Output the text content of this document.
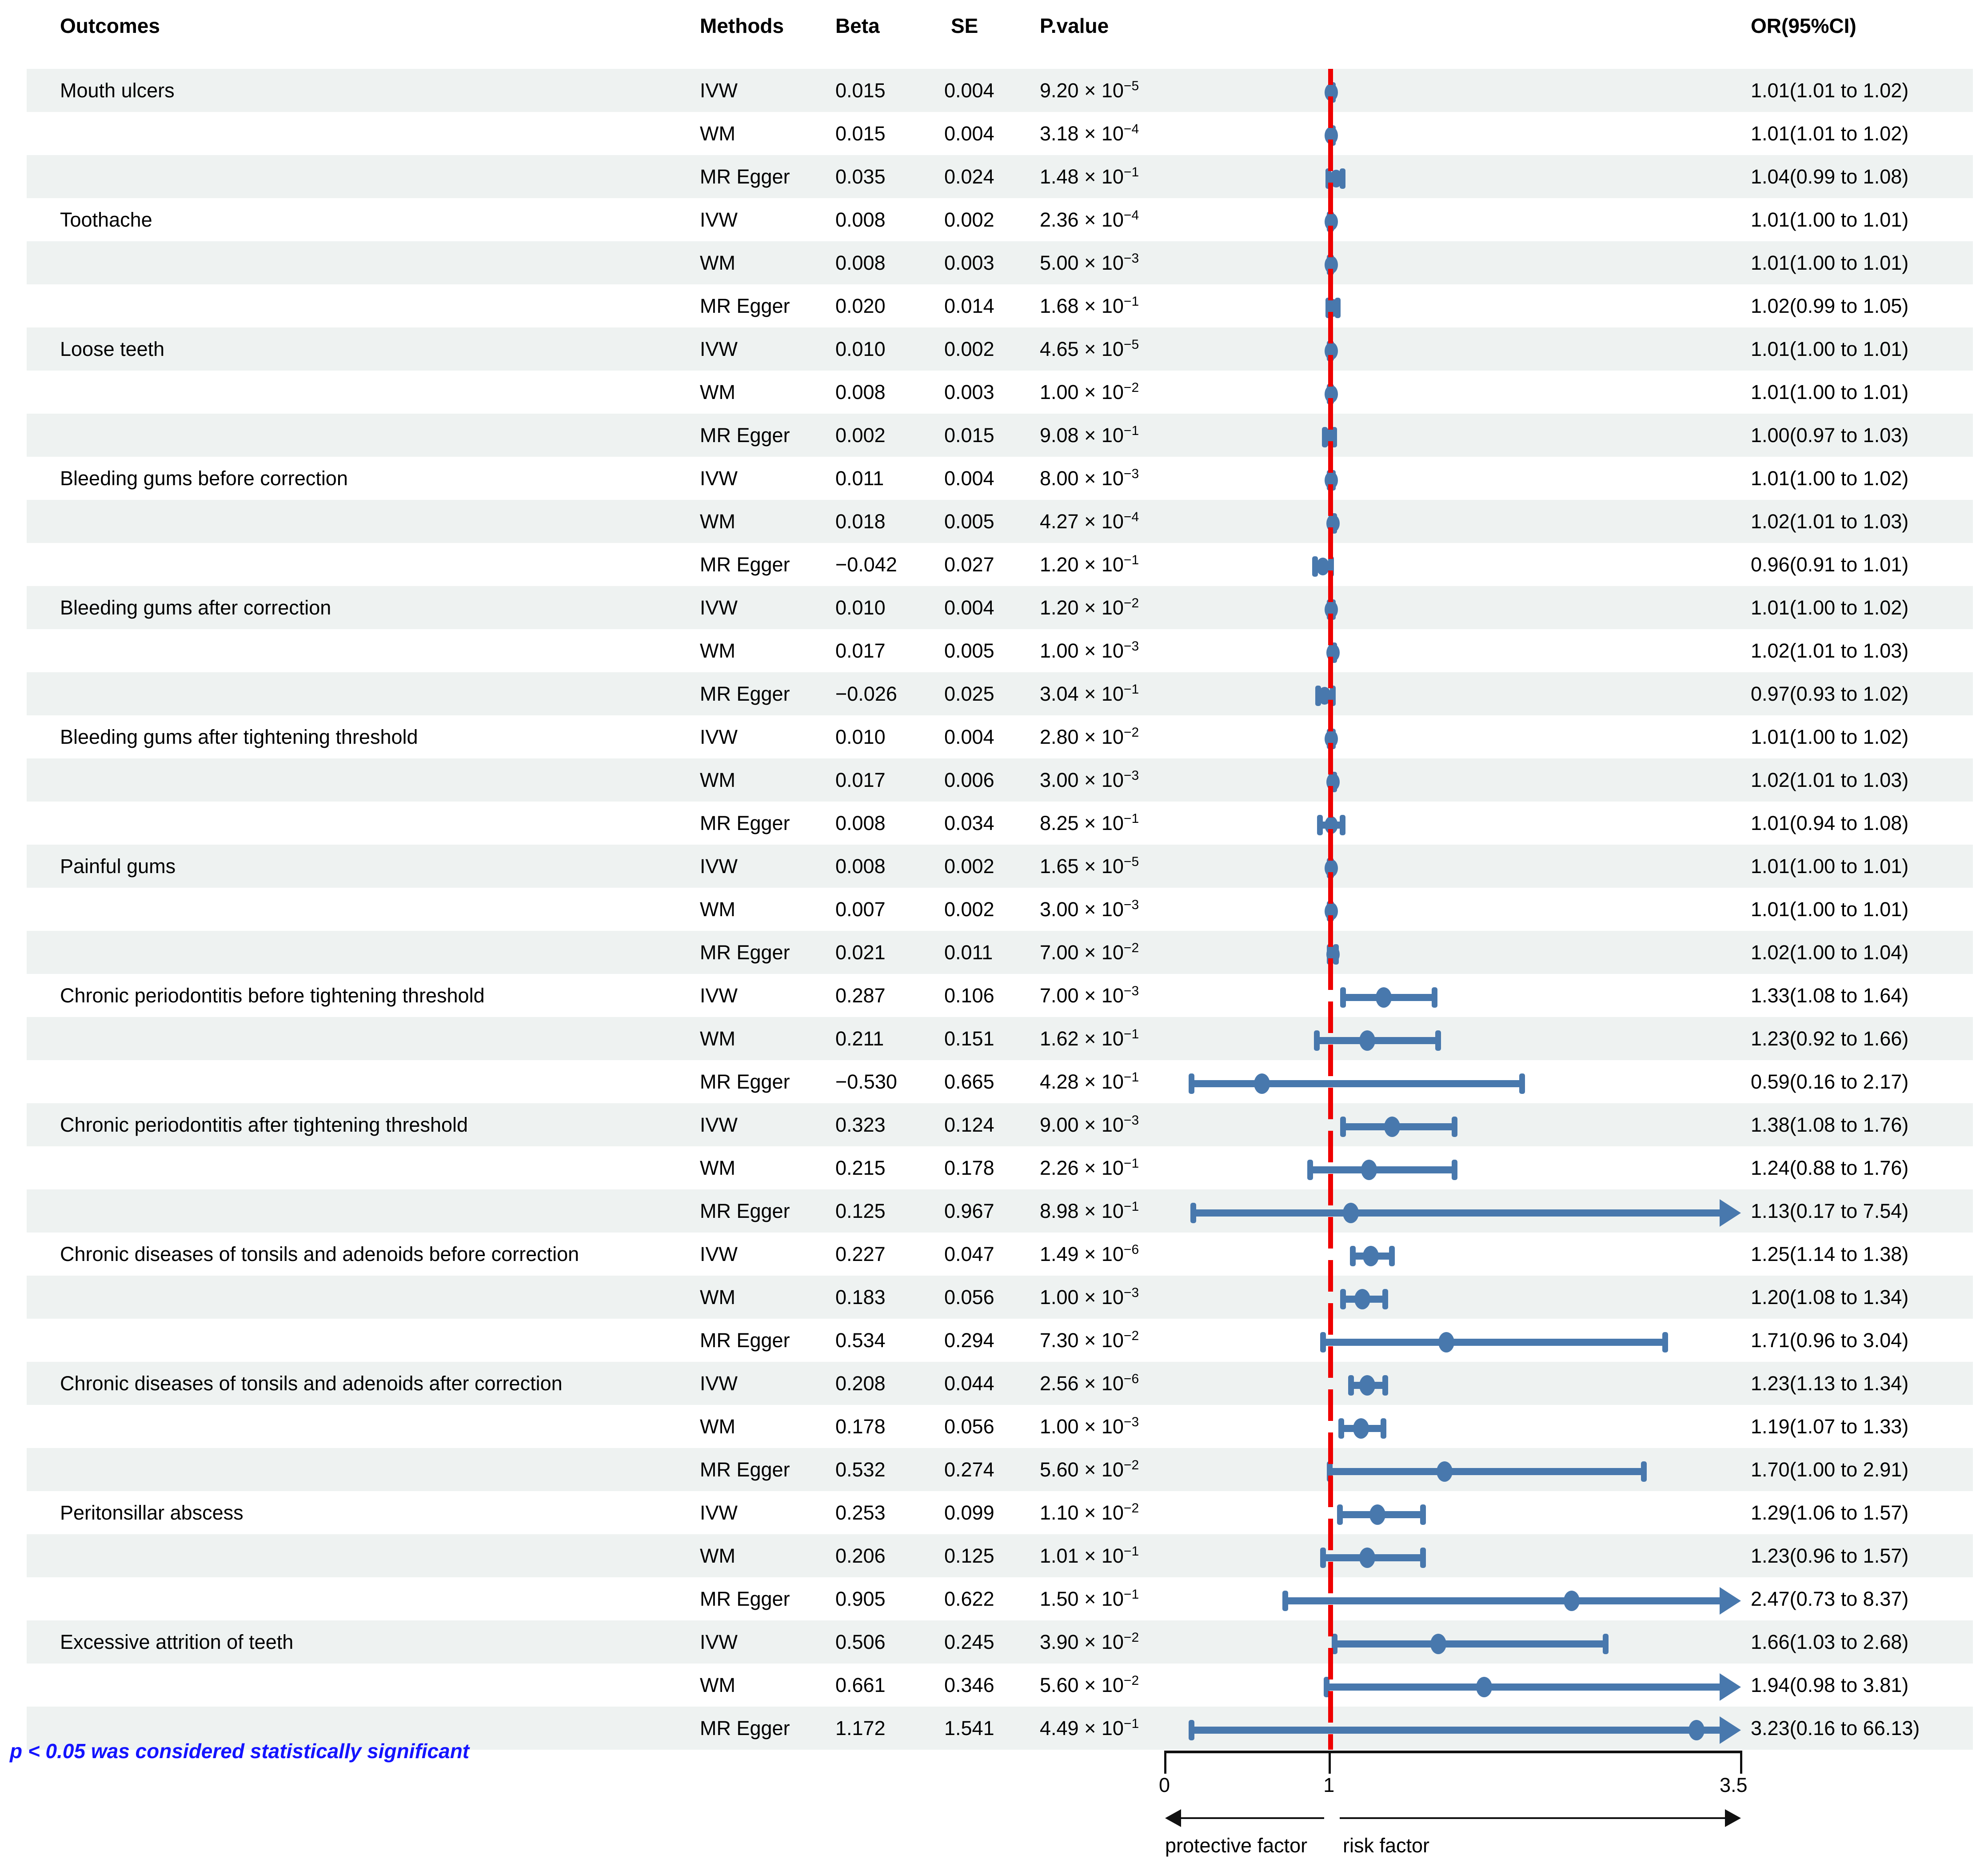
Outcomes	Methods	Beta	SE	P.value	OR(95%CI)
Mouth ulcers	IVW	0.015	0.004 $9.20 \times 10^{-5}$	1.01(1.01 to 1.02)
WM	0.015	0.004 $3.18 \times 10^{-4}$	1.01(1.01 to 1.02)
MR Egger 0.035	0.024 $1.48 \times 10^{-1}$	1.04(0.99 to 1.08)
Toothache	IVW	0.008	0.002 $2.36 \times 10^{-4}$	1.01(1.00 to 1.01)
WM	0.008	0.003 $5.00 \times 10^{-3}$	1.01(1.00 to 1.01)
MR Egger 0.020	0.014 $1.68 \times 10^{-1}$	1.02(0.99 to 1.05)
Loose teeth	IVW	0.010	0.002 $4.65 \times 10^{-5}$	1.01(1.00 to 1.01)
WM	0.008	0.003 $1.00 \times 10^{-2}$	1.01(1.00 to 1.01)
MR Egger 0.002	0.015 $9.08 \times 10^{-1}$	1.00(0.97 to 1.03)
Bleeding gums before correction	IVW	0.011	0.004 $8.00 \times 10^{-3}$	1.01(1.00 to 1.02)
WM	0.018	0.005 $4.27 \times 10^{-4}$	1.02(1.01 to 1.03)
MR Egger −0.042 0.027 $1.20 \times 10^{-1}$	0.96(0.91 to 1.01)
Bleeding gums after correction	IVW	0.010	0.004 $1.20 \times 10^{-2}$	1.01(1.00 to 1.02)
WM	0.017	0.005 $1.00 \times 10^{-3}$	1.02(1.01 to 1.03)
MR Egger −0.026 0.025 $3.04 \times 10^{-1}$	0.97(0.93 to 1.02)
Bleeding gums after tightening threshold	IVW	0.010	0.004 $2.80 \times 10^{-2}$	1.01(1.00 to 1.02)
WM	0.017	0.006 $3.00 \times 10^{-3}$	1.02(1.01 to 1.03)
MR Egger 0.008	0.034 $8.25 \times 10^{-1}$	1.01(0.94 to 1.08)
Painful gums	IVW	0.008	0.002 $1.65 \times 10^{-5}$	1.01(1.00 to 1.01)
WM	0.007	0.002 $3.00 \times 10^{-3}$	1.01(1.00 to 1.01)
MR Egger 0.021	0.011 $7.00 \times 10^{-2}$	1.02(1.00 to 1.04)
Chronic periodontitis before tightening threshold	IVW	0.287	0.106 $7.00 \times 10^{-3}$	1.33(1.08 to 1.64)
WM	0.211	0.151 $1.62 \times 10^{-1}$	1.23(0.92 to 1.66)
MR Egger −0.530 0.665 $4.28 \times 10^{-1}$	0.59(0.16 to 2.17)
Chronic periodontitis after tightening threshold	IVW	0.323	0.124 $9.00 \times 10^{-3}$	1.38(1.08 to 1.76)
WM	0.215	0.178 $2.26 \times 10^{-1}$	1.24(0.88 to 1.76)
MR Egger 0.125	0.967 $8.98 \times 10^{-1}$	1.13(0.17 to 7.54)
Chronic diseases of tonsils and adenoids before correction	IVW	0.227	0.047 $1.49 \times 10^{-6}$	1.25(1.14 to 1.38)
WM	0.183	0.056 $1.00 \times 10^{-3}$	1.20(1.08 to 1.34)
MR Egger 0.534	0.294 $7.30 \times 10^{-2}$	1.71(0.96 to 3.04)
Chronic diseases of tonsils and adenoids after correction	IVW	0.208	0.044 $2.56 \times 10^{-6}$	1.23(1.13 to 1.34)
WM	0.178	0.056 $1.00 \times 10^{-3}$	1.19(1.07 to 1.33)
MR Egger 0.532	0.274 $5.60 \times 10^{-2}$	1.70(1.00 to 2.91)
Peritonsillar abscess	IVW	0.253	0.099 $1.10 \times 10^{-2}$	1.29(1.06 to 1.57)
WM	0.206	0.125 $1.01 \times 10^{-1}$	1.23(0.96 to 1.57)
MR Egger 0.905	0.622 $1.50 \times 10^{-1}$	2.47(0.73 to 8.37)
Excessive attrition of teeth	IVW	0.506	0.245 $3.90 \times 10^{-2}$	1.66(1.03 to 2.68)
WM	0.661	0.346 $5.60 \times 10^{-2}$	1.94(0.98 to 3.81)
MR Egger 1.172	1.541 $4.49 \times 10^{-1}$	3.23(0.16 to 66.13)
0	1	3.5
protective factor risk factor
p < 0.05 was considered statistically significant
